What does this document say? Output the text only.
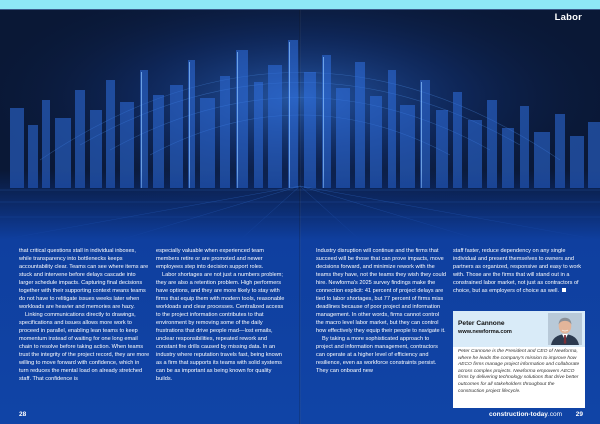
Labor

that critical questions stall in individual inboxes, while transparency into bottlenecks keeps accountability clear. Teams can see where items are stuck and intervene before delays cascade into larger schedule impacts. Capturing final decisions together with their supporting context means teams do not have to relitigate issues weeks later when workloads are heavier and memories are hazy.

Linking communications directly to drawings, specifications and issues allows more work to proceed in parallel, enabling lean teams to keep momentum instead of waiting for one long email chain to resolve before taking action. When teams trust the integrity of the project record, they are more willing to move forward with confidence, which in turn reduces the mental load on already stretched staff. That confidence is

especially valuable when experienced team members retire or are promoted and newer employees step into decision support roles.

Labor shortages are not just a numbers problem; they are also a retention problem. High performers have options, and they are more likely to stay with firms that equip them with modern tools, reasonable workloads and clear processes. Centralized access to the project information contributes to that environment by removing some of the daily frustrations that drive people mad—lost emails, unclear responsibilities, repeated rework and constant fire drills caused by missing data. In an industry where reputation travels fast, being known as a firm that supports its teams with solid systems can be as important as being known for quality builds.

Industry disruption will continue and the firms that succeed will be those that can prove impacts, move decisions forward, and minimize rework with the teams they have, not the teams they wish they could hire. Newforma's 2025 survey findings make the connection explicit: 41 percent of project delays are tied to labor shortages, but 77 percent of firms miss deadlines because of poor project and information management. In other words, firms cannot control the macro level labor market, but they can control how effectively they equip their people to navigate it.

By taking a more sophisticated approach to project and information management, contractors can operate at a higher level of efficiency and resilience, even as workforce constraints persist. They can onboard new

staff faster, reduce dependency on any single individual and present themselves to owners and partners as organized, responsive and easy to work with. Those are the firms that will stand out in a constrained labor market, not just as contractors of choice, but as employers of choice as well.

Peter Cannone
www.newforma.com

Peter Cannone is the President and CEO of Newforma, where he leads the company's mission to improve how AECO firms manage project information and collaborate across complex projects. Newforma empowers AECO firms by delivering technology solutions that drive better outcomes for all stakeholders throughout the construction project lifecycle.

28	construction-today.com 29
